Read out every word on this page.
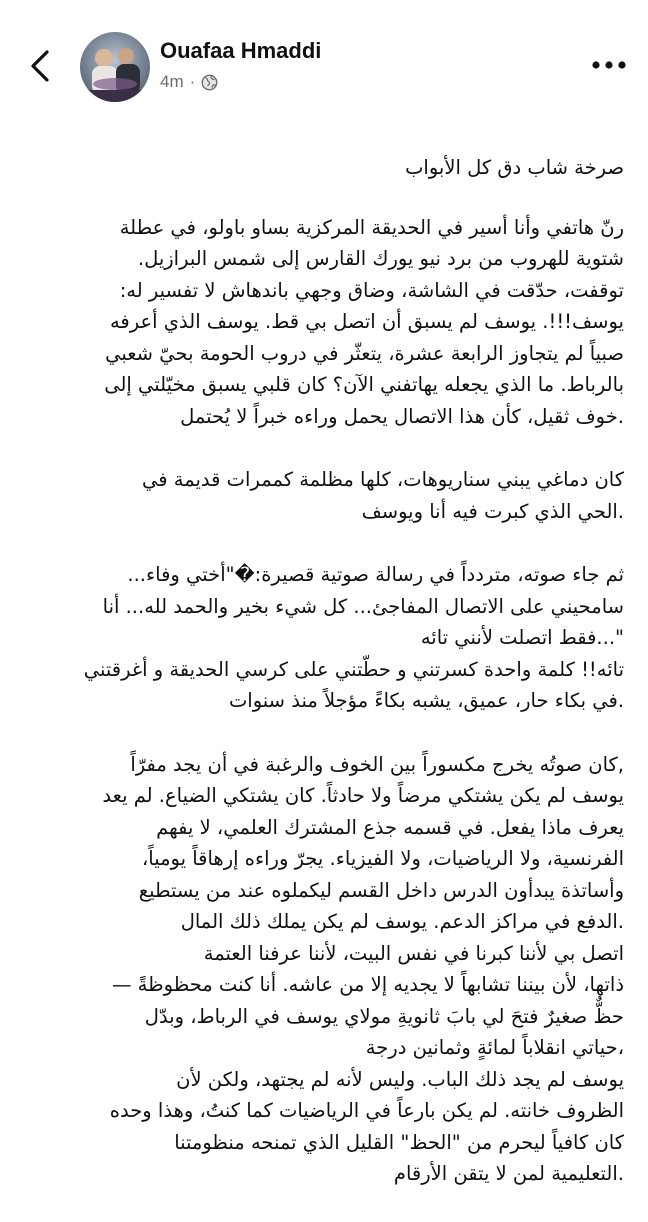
Ouafaa Hmaddi
4m ·

صرخة شاب دق كل الأبواب

رنّ هاتفي وأنا أسير في الحديقة المركزية بساو باولو، في عطلة
شتوية للهروب من برد نيو يورك القارس إلى شمس البرازيل.
توقفت، حدّقت في الشاشة، وضاق وجهي باندهاش لا تفسير له:
يوسف!!!. يوسف لم يسبق أن اتصل بي قط. يوسف الذي أعرفه
صبياً لم يتجاوز الرابعة عشرة، يتعثّر في دروب الحومة بحيّ شعبي
بالرباط. ما الذي يجعله يهاتفني الآن؟ كان قلبي يسبق مخيّلتي إلى
.خوف ثقيل، كأن هذا الاتصال يحمل وراءه خبراً لا يُحتمل

كان دماغي يبني سناريوهات، كلها مظلمة كممرات قديمة في
.الحي الذي كبرت فيه أنا ويوسف

ثم جاء صوته، متردداً في رسالة صوتية قصيرة:�"أختي وفاء...
سامحيني على الاتصال المفاجئ... كل شيء بخير والحمد لله... أنا
"...فقط اتصلت لأنني تائه
تائه!! كلمة واحدة كسرتني و حطّتني على كرسي الحديقة و أغرقتني
.في بكاء حار، عميق، يشبه بكاءً مؤجلاً منذ سنوات

,كان صوتُه يخرج مكسوراً بين الخوف والرغبة في أن يجد مفرّاً
يوسف لم يكن يشتكي مرضاً ولا حادثاً. كان يشتكي الضياع. لم يعد
يعرف ماذا يفعل. في قسمه جذع المشترك العلمي، لا يفهم
الفرنسية، ولا الرياضيات، ولا الفيزياء. يجرّ وراءه إرهاقاً يومياً،
وأساتذة يبدأون الدرس داخل القسم ليكملوه عند من يستطيع
.الدفع في مراكز الدعم. يوسف لم يكن يملك ذلك المال
اتصل بي لأننا كبرنا في نفس البيت، لأننا عرفنا العتمة
ذاتها، لأن بيننا تشابهاً لا يجديه إلا من عاشه. أنا كنت محظوظةً —
حظٌّ صغيرٌ فتحَ لي بابَ ثانويةِ مولاي يوسف في الرباط، وبدّل
،حياتي انقلاباً لمائةٍ وثمانين درجة
يوسف لم يجد ذلك الباب. وليس لأنه لم يجتهد، ولكن لأن
الظروف خانته. لم يكن بارعاً في الرياضيات كما كنتُ، وهذا وحده
كان كافياً ليحرم من "الحظ" القليل الذي تمنحه منظومتنا
.التعليمية لمن لا يتقن الأرقام
